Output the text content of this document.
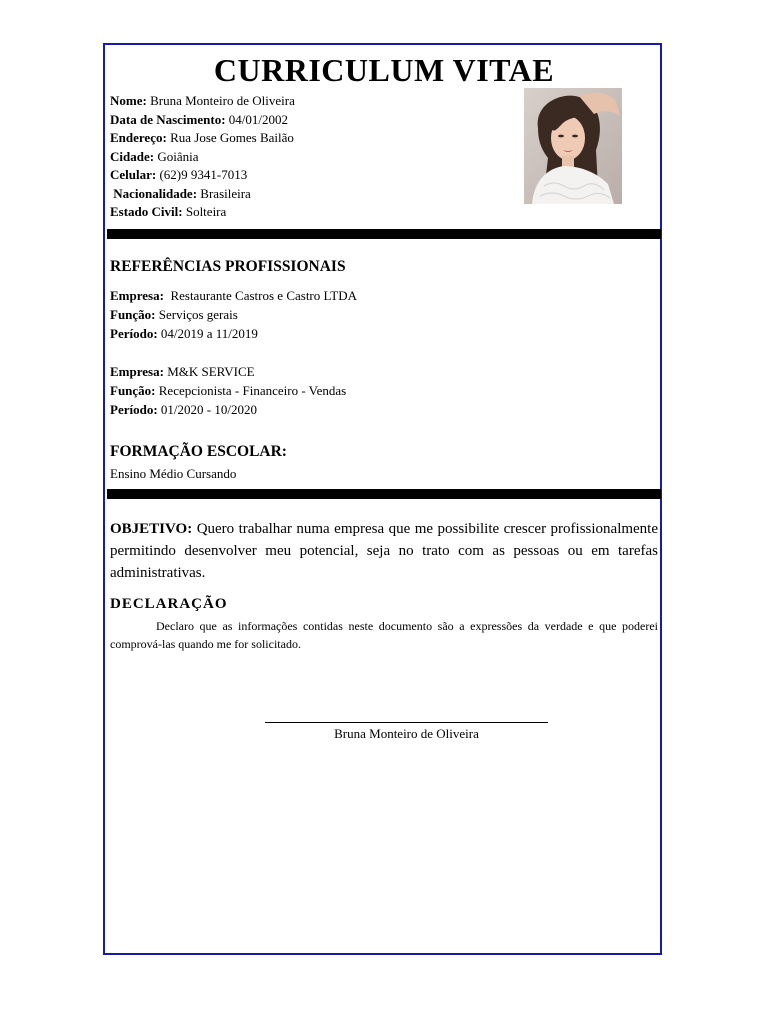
CURRICULUM VITAE
Nome: Bruna Monteiro de Oliveira
Data de Nascimento: 04/01/2002
Endereço: Rua Jose Gomes Bailão
Cidade: Goiânia
Celular: (62)9 9341-7013
Nacionalidade: Brasileira
Estado Civil: Solteira
REFERÊNCIAS PROFISSIONAIS
Empresa: Restaurante Castros e Castro LTDA
Função: Serviços gerais
Período: 04/2019 a 11/2019
Empresa: M&K SERVICE
Função: Recepcionista - Financeiro - Vendas
Período: 01/2020 - 10/2020
FORMAÇÃO ESCOLAR:
Ensino Médio Cursando
OBJETIVO: Quero trabalhar numa empresa que me possibilite crescer profissionalmente permitindo desenvolver meu potencial, seja no trato com as pessoas ou em tarefas administrativas.
DECLARAÇÃO
Declaro que as informações contidas neste documento são a expressões da verdade e que poderei comprová-las quando me for solicitado.
Bruna Monteiro de Oliveira
